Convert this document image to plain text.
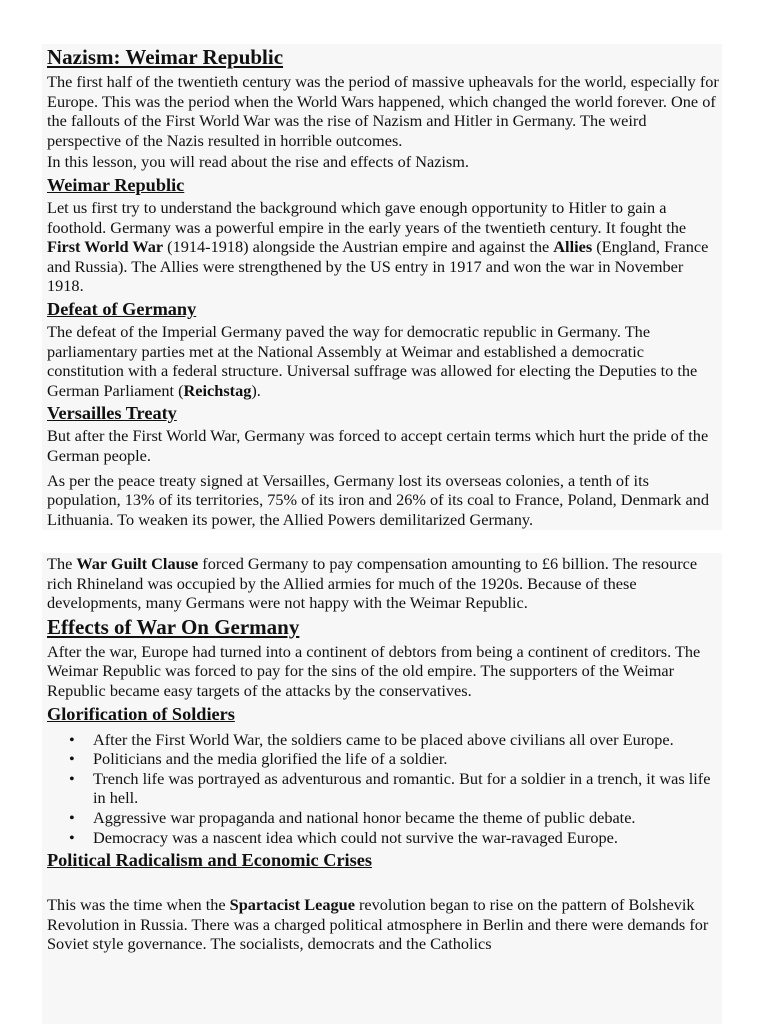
Nazism: Weimar Republic

The first half of the twentieth century was the period of massive upheavals for the world, especially for Europe. This was the period when the World Wars happened, which changed the world forever. One of the fallouts of the First World War was the rise of Nazism and Hitler in Germany. The weird perspective of the Nazis resulted in horrible outcomes.

In this lesson, you will read about the rise and effects of Nazism.

Weimar Republic

Let us first try to understand the background which gave enough opportunity to Hitler to gain a foothold. Germany was a powerful empire in the early years of the twentieth century. It fought the First World War (1914-1918) alongside the Austrian empire and against the Allies (England, France and Russia). The Allies were strengthened by the US entry in 1917 and won the war in November 1918.

Defeat of Germany

The defeat of the Imperial Germany paved the way for democratic republic in Germany. The parliamentary parties met at the National Assembly at Weimar and established a democratic constitution with a federal structure. Universal suffrage was allowed for electing the Deputies to the German Parliament (Reichstag).

Versailles Treaty

But after the First World War, Germany was forced to accept certain terms which hurt the pride of the German people.

As per the peace treaty signed at Versailles, Germany lost its overseas colonies, a tenth of its population, 13% of its territories, 75% of its iron and 26% of its coal to France, Poland, Denmark and Lithuania. To weaken its power, the Allied Powers demilitarized Germany.

The War Guilt Clause forced Germany to pay compensation amounting to £6 billion. The resource rich Rhineland was occupied by the Allied armies for much of the 1920s. Because of these developments, many Germans were not happy with the Weimar Republic.

Effects of War On Germany

After the war, Europe had turned into a continent of debtors from being a continent of creditors. The Weimar Republic was forced to pay for the sins of the old empire. The supporters of the Weimar Republic became easy targets of the attacks by the conservatives.

Glorification of Soldiers
• After the First World War, the soldiers came to be placed above civilians all over Europe.
• Politicians and the media glorified the life of a soldier.
• Trench life was portrayed as adventurous and romantic. But for a soldier in a trench, it was life in hell.
• Aggressive war propaganda and national honor became the theme of public debate.
• Democracy was a nascent idea which could not survive the war-ravaged Europe.
Political Radicalism and Economic Crises

This was the time when the Spartacist League revolution began to rise on the pattern of Bolshevik Revolution in Russia. There was a charged political atmosphere in Berlin and there were demands for Soviet style governance. The socialists, democrats and the Catholics
